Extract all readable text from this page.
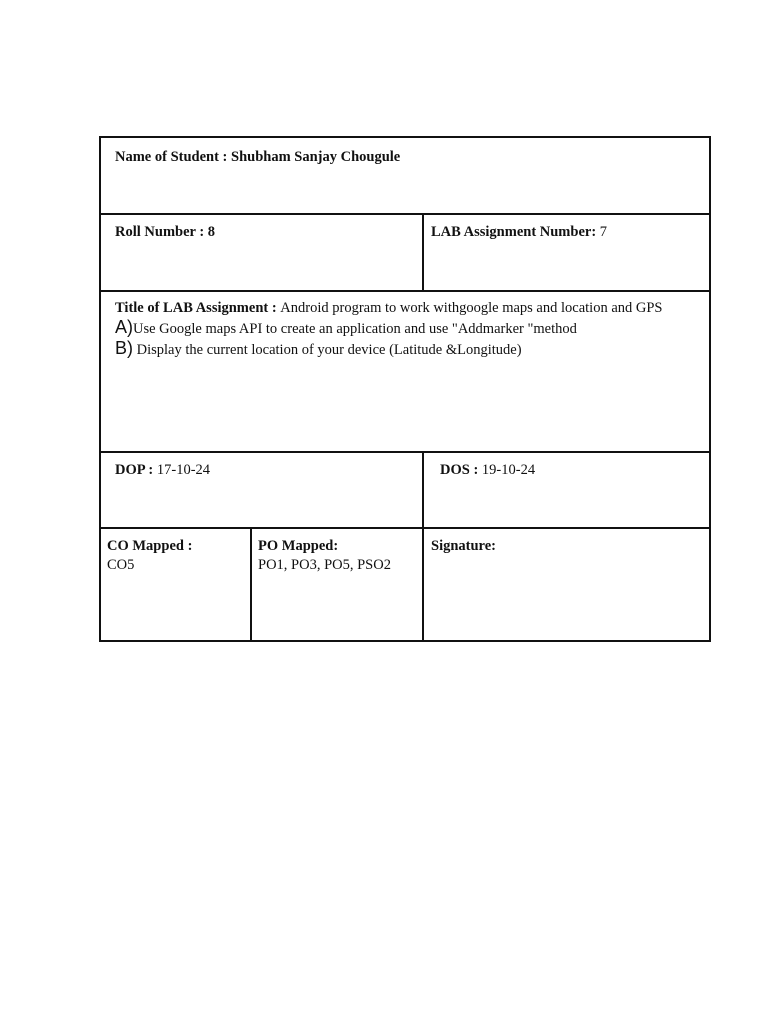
Name of Student : Shubham Sanjay Chougule
Roll Number : 8	LAB Assignment Number: 7
Title of LAB Assignment : Android program to work withgoogle maps and location and GPS
A)Use Google maps API to create an application and use "Addmarker "method
B) Display the current location of your device (Latitude &Longitude)
DOP : 17-10-24	DOS : 19-10-24
CO Mapped :
CO5
PO Mapped:
PO1, PO3, PO5, PSO2
Signature:
